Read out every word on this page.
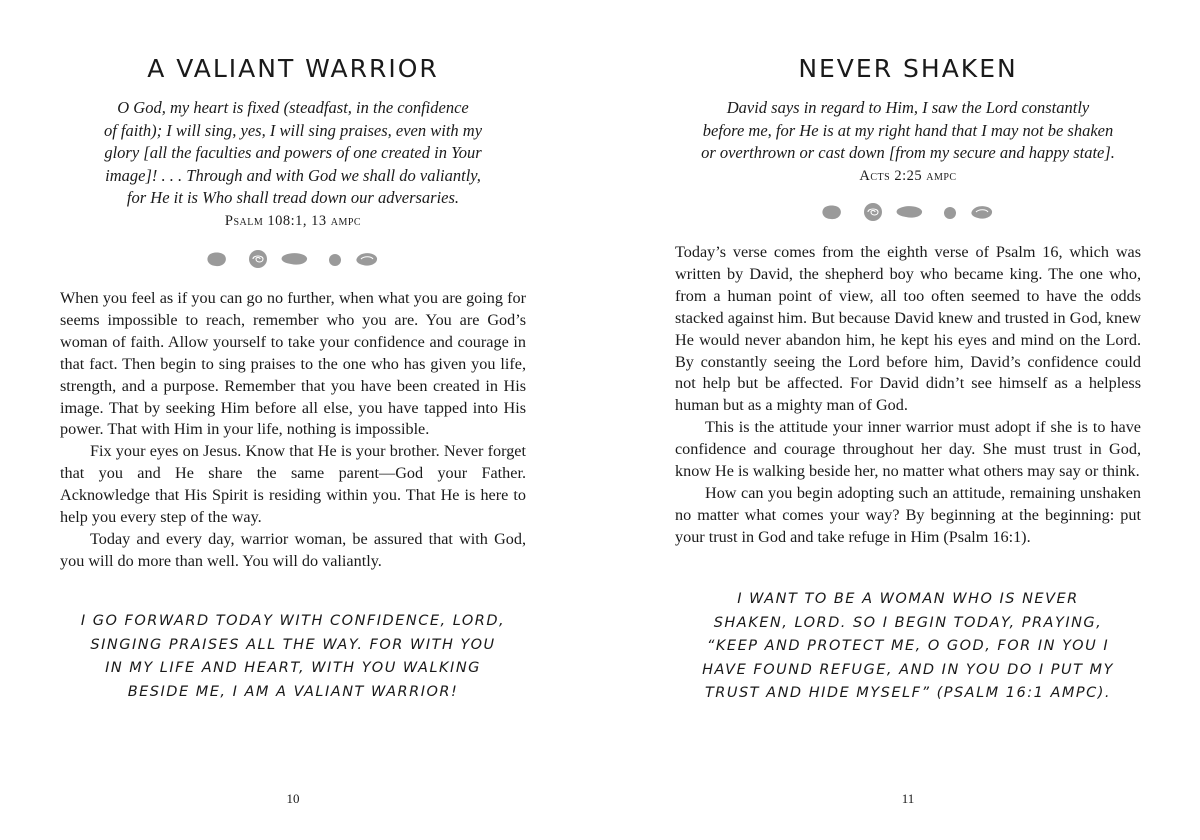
A VALIANT WARRIOR
O God, my heart is fixed (steadfast, in the confidence
of faith); I will sing, yes, I will sing praises, even with my
glory [all the faculties and powers of one created in Your
image]! . . . Through and with God we shall do valiantly,
for He it is Who shall tread down our adversaries.
Psalm 108:1, 13 ampc

When you feel as if you can go no further, when what you are going for seems impossible to reach, remember who you are. You are God’s woman of faith. Allow yourself to take your confidence and courage in that fact. Then begin to sing praises to the one who has given you life, strength, and a purpose. Remember that you have been created in His image. That by seeking Him before all else, you have tapped into His power. That with Him in your life, nothing is impossible.

Fix your eyes on Jesus. Know that He is your brother. Never forget that you and He share the same parent—God your Father. Acknowledge that His Spirit is residing within you. That He is here to help you every step of the way.

Today and every day, warrior woman, be assured that with God, you will do more than well. You will do valiantly.

I GO FORWARD TODAY WITH CONFIDENCE, LORD,
SINGING PRAISES ALL THE WAY. FOR WITH YOU
IN MY LIFE AND HEART, WITH YOU WALKING
BESIDE ME, I AM A VALIANT WARRIOR!
10
NEVER SHAKEN
David says in regard to Him, I saw the Lord constantly
before me, for He is at my right hand that I may not be shaken
or overthrown or cast down [from my secure and happy state].
Acts 2:25 ampc

Today’s verse comes from the eighth verse of Psalm 16, which was written by David, the shepherd boy who became king. The one who, from a human point of view, all too often seemed to have the odds stacked against him. But because David knew and trusted in God, knew He would never abandon him, he kept his eyes and mind on the Lord. By constantly seeing the Lord before him, David’s confidence could not help but be affected. For David didn’t see himself as a helpless human but as a mighty man of God.

This is the attitude your inner warrior must adopt if she is to have confidence and courage throughout her day. She must trust in God, know He is walking beside her, no matter what others may say or think.

How can you begin adopting such an attitude, remaining unshaken no matter what comes your way? By beginning at the beginning: put your trust in God and take refuge in Him (Psalm 16:1).

I WANT TO BE A WOMAN WHO IS NEVER
SHAKEN, LORD. SO I BEGIN TODAY, PRAYING,
“KEEP AND PROTECT ME, O GOD, FOR IN YOU I
HAVE FOUND REFUGE, AND IN YOU DO I PUT MY
TRUST AND HIDE MYSELF” (PSALM 16:1 AMPC).
11
